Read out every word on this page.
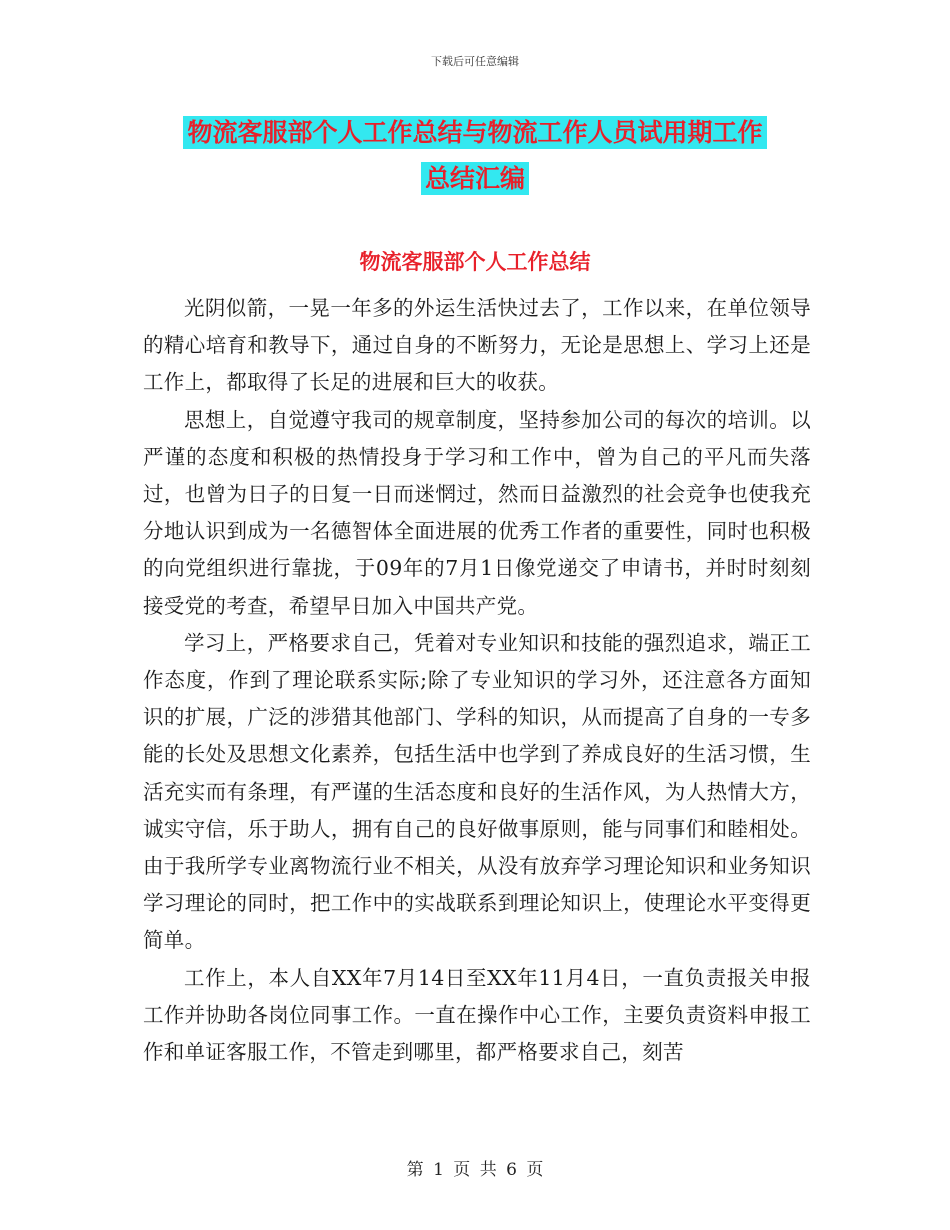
下载后可任意编辑
物流客服部个人工作总结与物流工作人员试用期工作
总结汇编
物流客服部个人工作总结

光阴似箭，一晃一年多的外运生活快过去了，工作以来，在单位领导的精心培育和教导下，通过自身的不断努力，无论是思想上、学习上还是工作上，都取得了长足的进展和巨大的收获。

思想上，自觉遵守我司的规章制度，坚持参加公司的每次的培训。以严谨的态度和积极的热情投身于学习和工作中，曾为自己的平凡而失落过，也曾为日子的日复一日而迷惘过，然而日益激烈的社会竞争也使我充分地认识到成为一名德智体全面进展的优秀工作者的重要性，同时也积极的向党组织进行靠拢，于09年的7月1日像党递交了申请书，并时时刻刻接受党的考查，希望早日加入中国共产党。

学习上，严格要求自己，凭着对专业知识和技能的强烈追求，端正工作态度，作到了理论联系实际;除了专业知识的学习外，还注意各方面知识的扩展，广泛的涉猎其他部门、学科的知识，从而提高了自身的一专多能的长处及思想文化素养，包括生活中也学到了养成良好的生活习惯，生活充实而有条理，有严谨的生活态度和良好的生活作风，为人热情大方，诚实守信，乐于助人，拥有自己的良好做事原则，能与同事们和睦相处。由于我所学专业离物流行业不相关，从没有放弃学习理论知识和业务知识学习理论的同时，把工作中的实战联系到理论知识上，使理论水平变得更简单。

工作上，本人自XX年7月14日至XX年11月4日，一直负责报关申报工作并协助各岗位同事工作。一直在操作中心工作，主要负责资料申报工作和单证客服工作，不管走到哪里，都严格要求自己，刻苦

第 1 页 共 6 页
